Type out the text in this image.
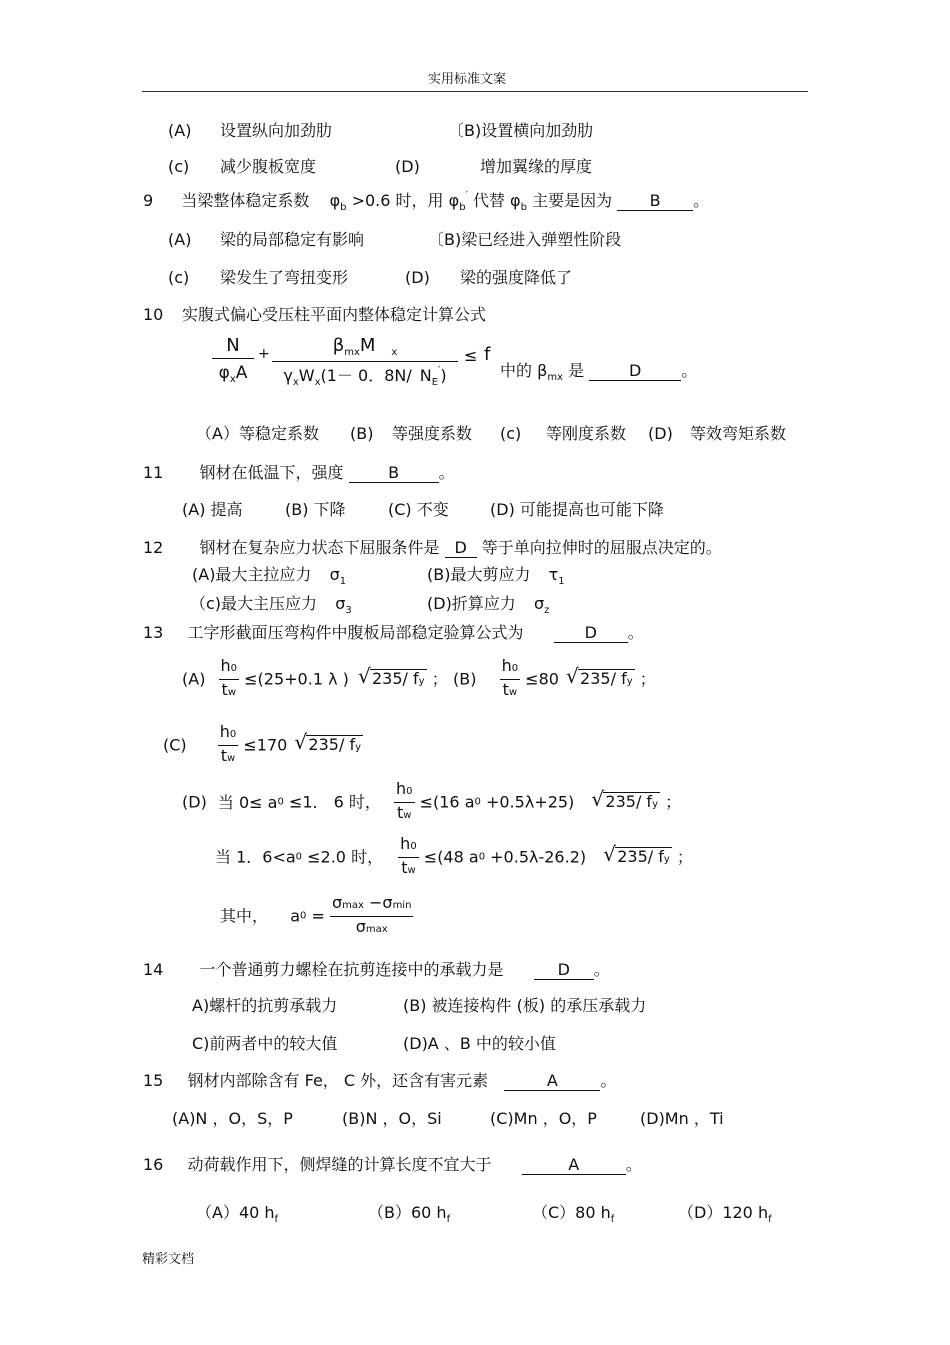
实用标准文案
(A) 设置纵向加劲肋	〔B)设置横向加劲肋
(c) 减少腹板宽度	(D)	增加翼缘的厚度
9 当梁整体稳定系数 $\varphi_b >0.6$ 时，用 $\varphi_b'$ 代替 $\varphi_b$ 主要是因为 B 。
(A) 梁的局部稳定有影响	〔B)梁已经进入弹塑性阶段
(c) 梁发生了弯扭变形	(D) 梁的强度降低了
10 实腹式偏心受压柱平面内整体稳定计算公式
N
$\varphi_xA$
+	$\beta_{mx}M$ $_x$
$\gamma_xW_x(1- 0$．8N/ $N_E'$)
≤ f
中的 $\beta_{mx}$ 是	D 。
（A）等稳定系数 (B) 等强度系数 (c) 等刚度系数 (D) 等效弯矩系数
11 钢材在低温下，强度	B 。
(A) 提高	(B) 下降	(C) 不变	(D) 可能提高也可能下降
12 钢材在复杂应力状态下屈服条件是 D 等于单向拉伸时的屈服点决定的。
(A)最大主拉应力 $\sigma_1$	(B)最大剪应力 $\tau_1$
（c)最大主压应力 $\sigma_3$	(D)折算应力 $\sigma_z$
13 工字形截面压弯构件中腹板局部稳定验算公式为	D 。
$(A) \frac{h0}{tw} \le(25+0.1$ λ ) √ 235/ fy ； $(B) \frac{h0}{tw} \le 80$ √ 235/ fy ；
$(C) \frac{h0}{tw} \le 170$ √ 235/ fy
(D) 当 0≤ a0 ≤1． 6 时， $\frac{h0}{tw} \le(16$ a0 +0.5λ+25) √ 235/ fy ；
当 1．6<a0 ≤2.0 时， $\frac{h0}{tw} \le(48$ a0 +0.5λ-26.2) √ 235/ fy ；
其中， $a0 = \frac{\sigma\max -\sigma\min}{\sigma\max}$
14 一个普通剪力螺栓在抗剪连接中的承载力是	D 。
A)螺杆的抗剪承载力	(B) 被连接构件 (板) 的承压承载力
C)前两者中的较大值	(D)A 、B 中的较小值
15 钢材内部除含有 Fe， C 外，还含有害元素	A	。
(A)N ，O，S，P	(B)N ，O，Si	(C)Mn ，O，P	(D)Mn ，Ti
16 动荷载作用下，侧焊缝的计算长度不宜大于	A	。
（A）40 $h_f$	（B）60 $h_f$	（C）80 $h_f$	（D）120 $h_f$
精彩文档
